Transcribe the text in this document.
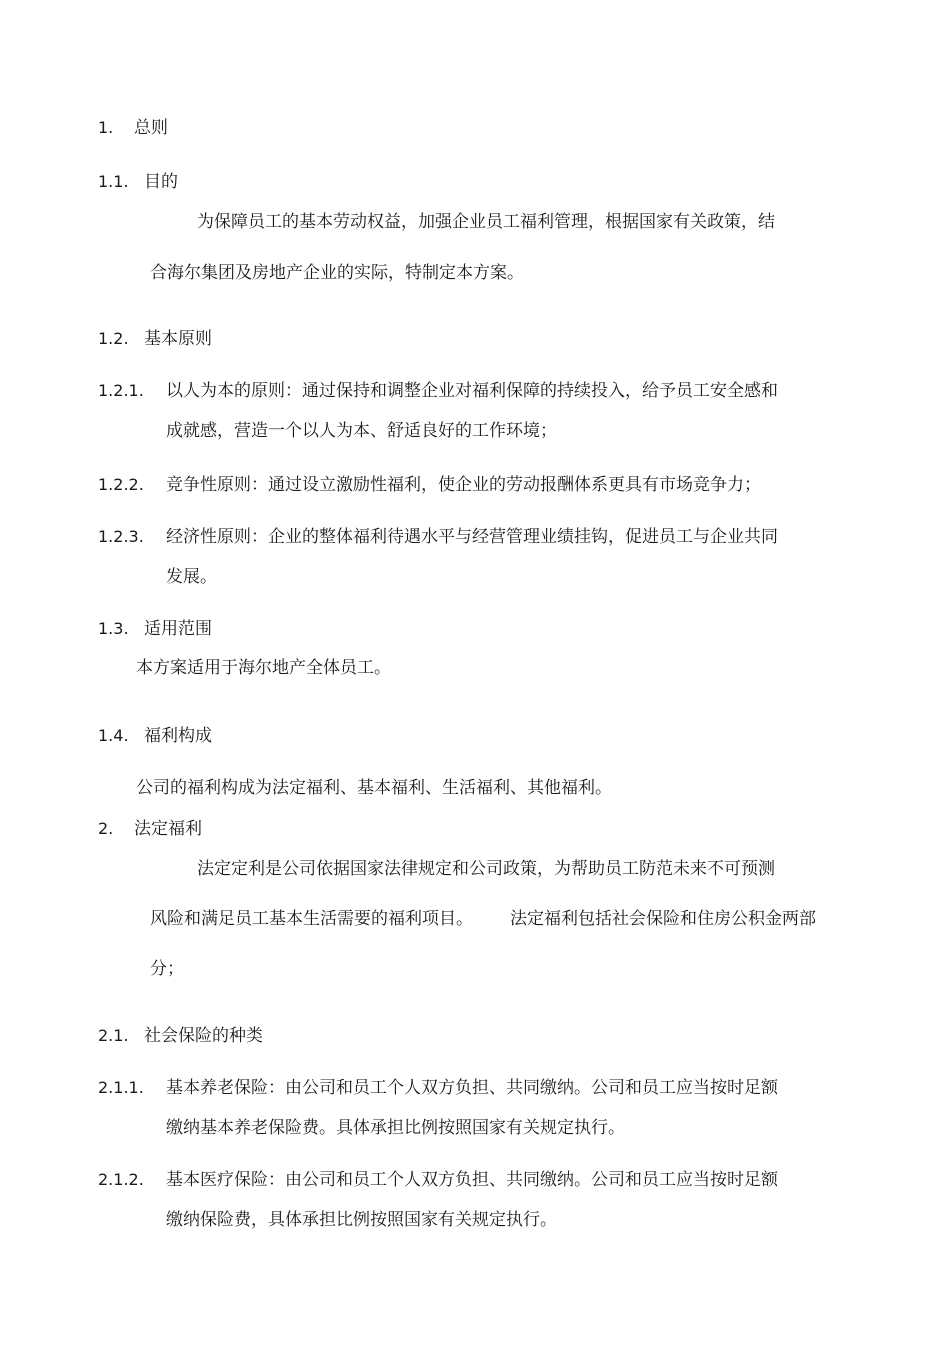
1. 总则
1.1. 目的
为保障员工的基本劳动权益，加强企业员工福利管理，根据国家有关政策，结
合海尔集团及房地产企业的实际，特制定本方案。
1.2. 基本原则
1.2.1. 以人为本的原则：通过保持和调整企业对福利保障的持续投入，给予员工安全感和
成就感，营造一个以人为本、舒适良好的工作环境；
1.2.2. 竞争性原则：通过设立激励性福利，使企业的劳动报酬体系更具有市场竞争力；
1.2.3. 经济性原则：企业的整体福利待遇水平与经营管理业绩挂钩，促进员工与企业共同
发展。
1.3. 适用范围
本方案适用于海尔地产全体员工。
1.4. 福利构成
公司的福利构成为法定福利、基本福利、生活福利、其他福利。
2. 法定福利
法定定利是公司依据国家法律规定和公司政策，为帮助员工防范未来不可预测
风险和满足员工基本生活需要的福利项目。 法定福利包括社会保险和住房公积金两部
分；
2.1. 社会保险的种类
2.1.1. 基本养老保险：由公司和员工个人双方负担、共同缴纳。公司和员工应当按时足额
缴纳基本养老保险费。具体承担比例按照国家有关规定执行。
2.1.2. 基本医疗保险：由公司和员工个人双方负担、共同缴纳。公司和员工应当按时足额
缴纳保险费，具体承担比例按照国家有关规定执行。
